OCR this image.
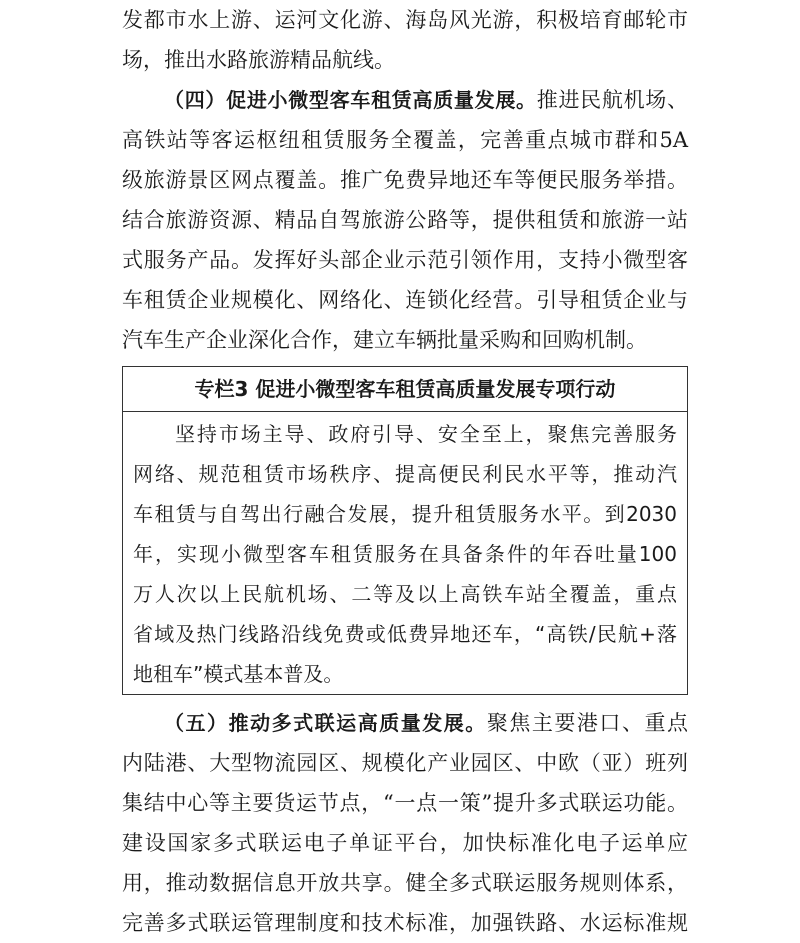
发都市水上游、运河文化游、海岛风光游，积极培育邮轮市
场，推出水路旅游精品航线。
（四）促进小微型客车租赁高质量发展。推进民航机场、
高铁站等客运枢纽租赁服务全覆盖，完善重点城市群和5A
级旅游景区网点覆盖。推广免费异地还车等便民服务举措。
结合旅游资源、精品自驾旅游公路等，提供租赁和旅游一站
式服务产品。发挥好头部企业示范引领作用，支持小微型客
车租赁企业规模化、网络化、连锁化经营。引导租赁企业与
汽车生产企业深化合作，建立车辆批量采购和回购机制。
专栏3 促进小微型客车租赁高质量发展专项行动
坚持市场主导、政府引导、安全至上，聚焦完善服务
网络、规范租赁市场秩序、提高便民利民水平等，推动汽
车租赁与自驾出行融合发展，提升租赁服务水平。到2030
年，实现小微型客车租赁服务在具备条件的年吞吐量100
万人次以上民航机场、二等及以上高铁车站全覆盖，重点
省域及热门线路沿线免费或低费异地还车，“高铁/民航+落
地租车”模式基本普及。
（五）推动多式联运高质量发展。聚焦主要港口、重点
内陆港、大型物流园区、规模化产业园区、中欧（亚）班列
集结中心等主要货运节点，“一点一策”提升多式联运功能。
建设国家多式联运电子单证平台，加快标准化电子运单应
用，推动数据信息开放共享。健全多式联运服务规则体系，
完善多式联运管理制度和技术标准，加强铁路、水运标准规
